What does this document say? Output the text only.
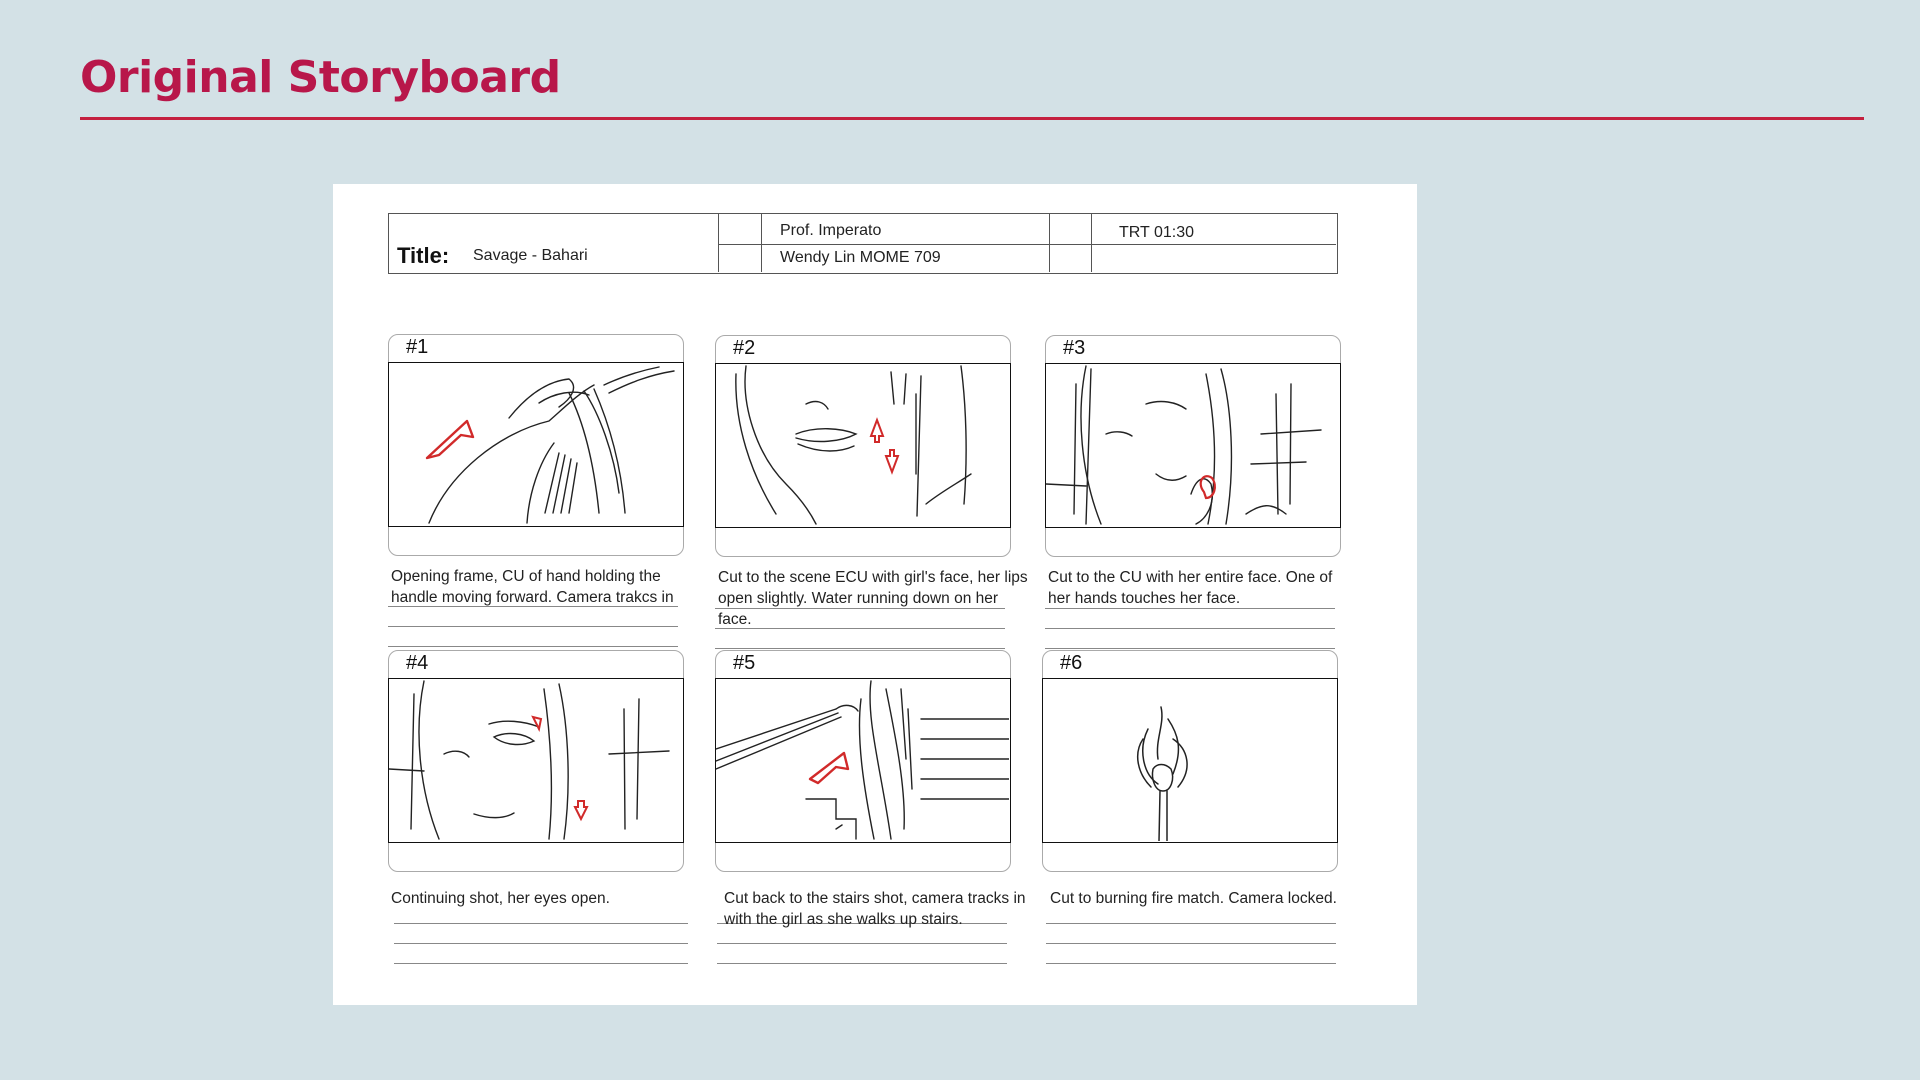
Original Storyboard
Title: Savage - Bahari
Prof. Imperato
Wendy Lin MOME 709
TRT 01:30
#1
Opening frame, CU of hand holding the handle moving forward. Camera trakcs in
#2
Cut to the scene ECU with girl's face, her lips open slightly. Water running down on her face.
#3
Cut to the CU with her entire face. One of her hands touches her face.
#4
Continuing shot, her eyes open.
#5
Cut back to the stairs shot, camera tracks in with the girl as she walks up stairs.
#6
Cut to burning fire match. Camera locked.
